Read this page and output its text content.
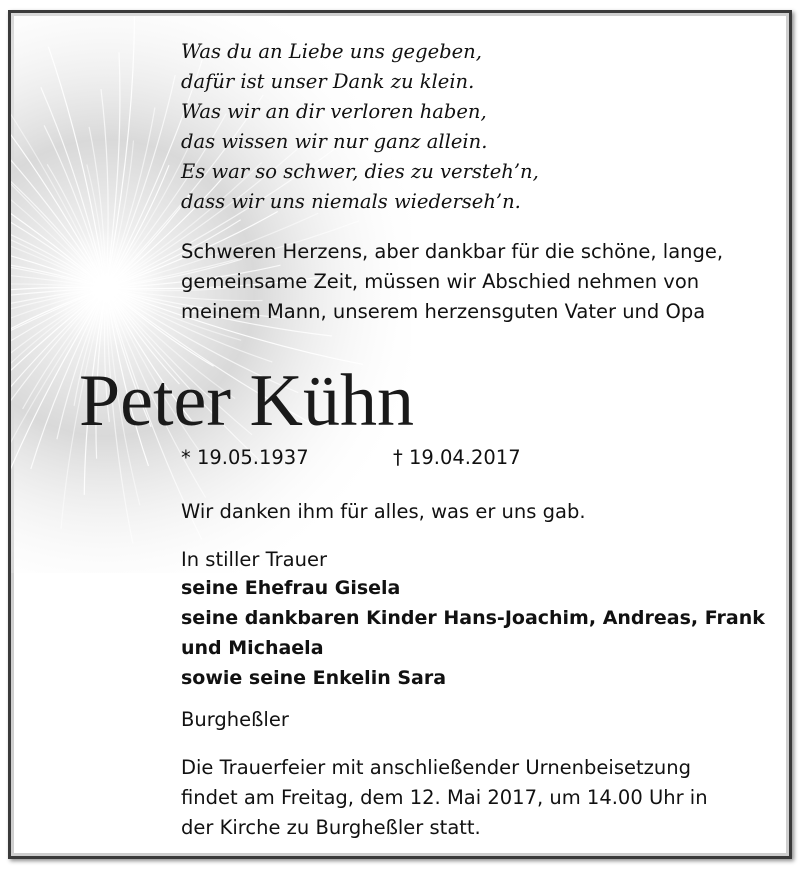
Was du an Liebe uns gegeben,
dafür ist unser Dank zu klein.
Was wir an dir verloren haben,
das wissen wir nur ganz allein.
Es war so schwer, dies zu versteh’n,
dass wir uns niemals wiederseh’n.
Schweren Herzens, aber dankbar für die schöne, lange,
gemeinsame Zeit, müssen wir Abschied nehmen von
meinem Mann, unserem herzensguten Vater und Opa
Peter Kühn
* 19.05.1937	† 19.04.2017
Wir danken ihm für alles, was er uns gab.
In stiller Trauer
seine Ehefrau Gisela
seine dankbaren Kinder Hans-Joachim, Andreas, Frank
und Michaela
sowie seine Enkelin Sara
Burgheßler
Die Trauerfeier mit anschließender Urnenbeisetzung
findet am Freitag, dem 12. Mai 2017, um 14.00 Uhr in
der Kirche zu Burgheßler statt.
